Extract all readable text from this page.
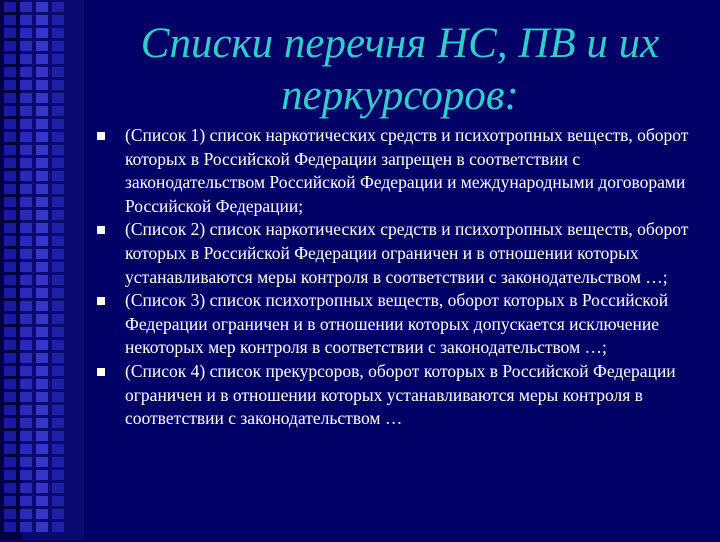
Списки перечня НС, ПВ и их
перкурсоров:
(Список 1) список наркотических средств и психотропных веществ, оборот которых в Российской Федерации запрещен в соответствии с законодательством Российской Федерации и международными договорами Российской Федерации;
(Список 2) список наркотических средств и психотропных веществ, оборот которых в Российской Федерации ограничен и в отношении которых устанавливаются меры контроля в соответствии с законодательством …;
(Список 3) список психотропных веществ, оборот которых в Российской Федерации ограничен и в отношении которых допускается исключение некоторых мер контроля в соответствии с законодательством …;
(Список 4) список прекурсоров, оборот которых в Российской Федерации ограничен и в отношении которых устанавливаются меры контроля в соответствии с законодательством …
